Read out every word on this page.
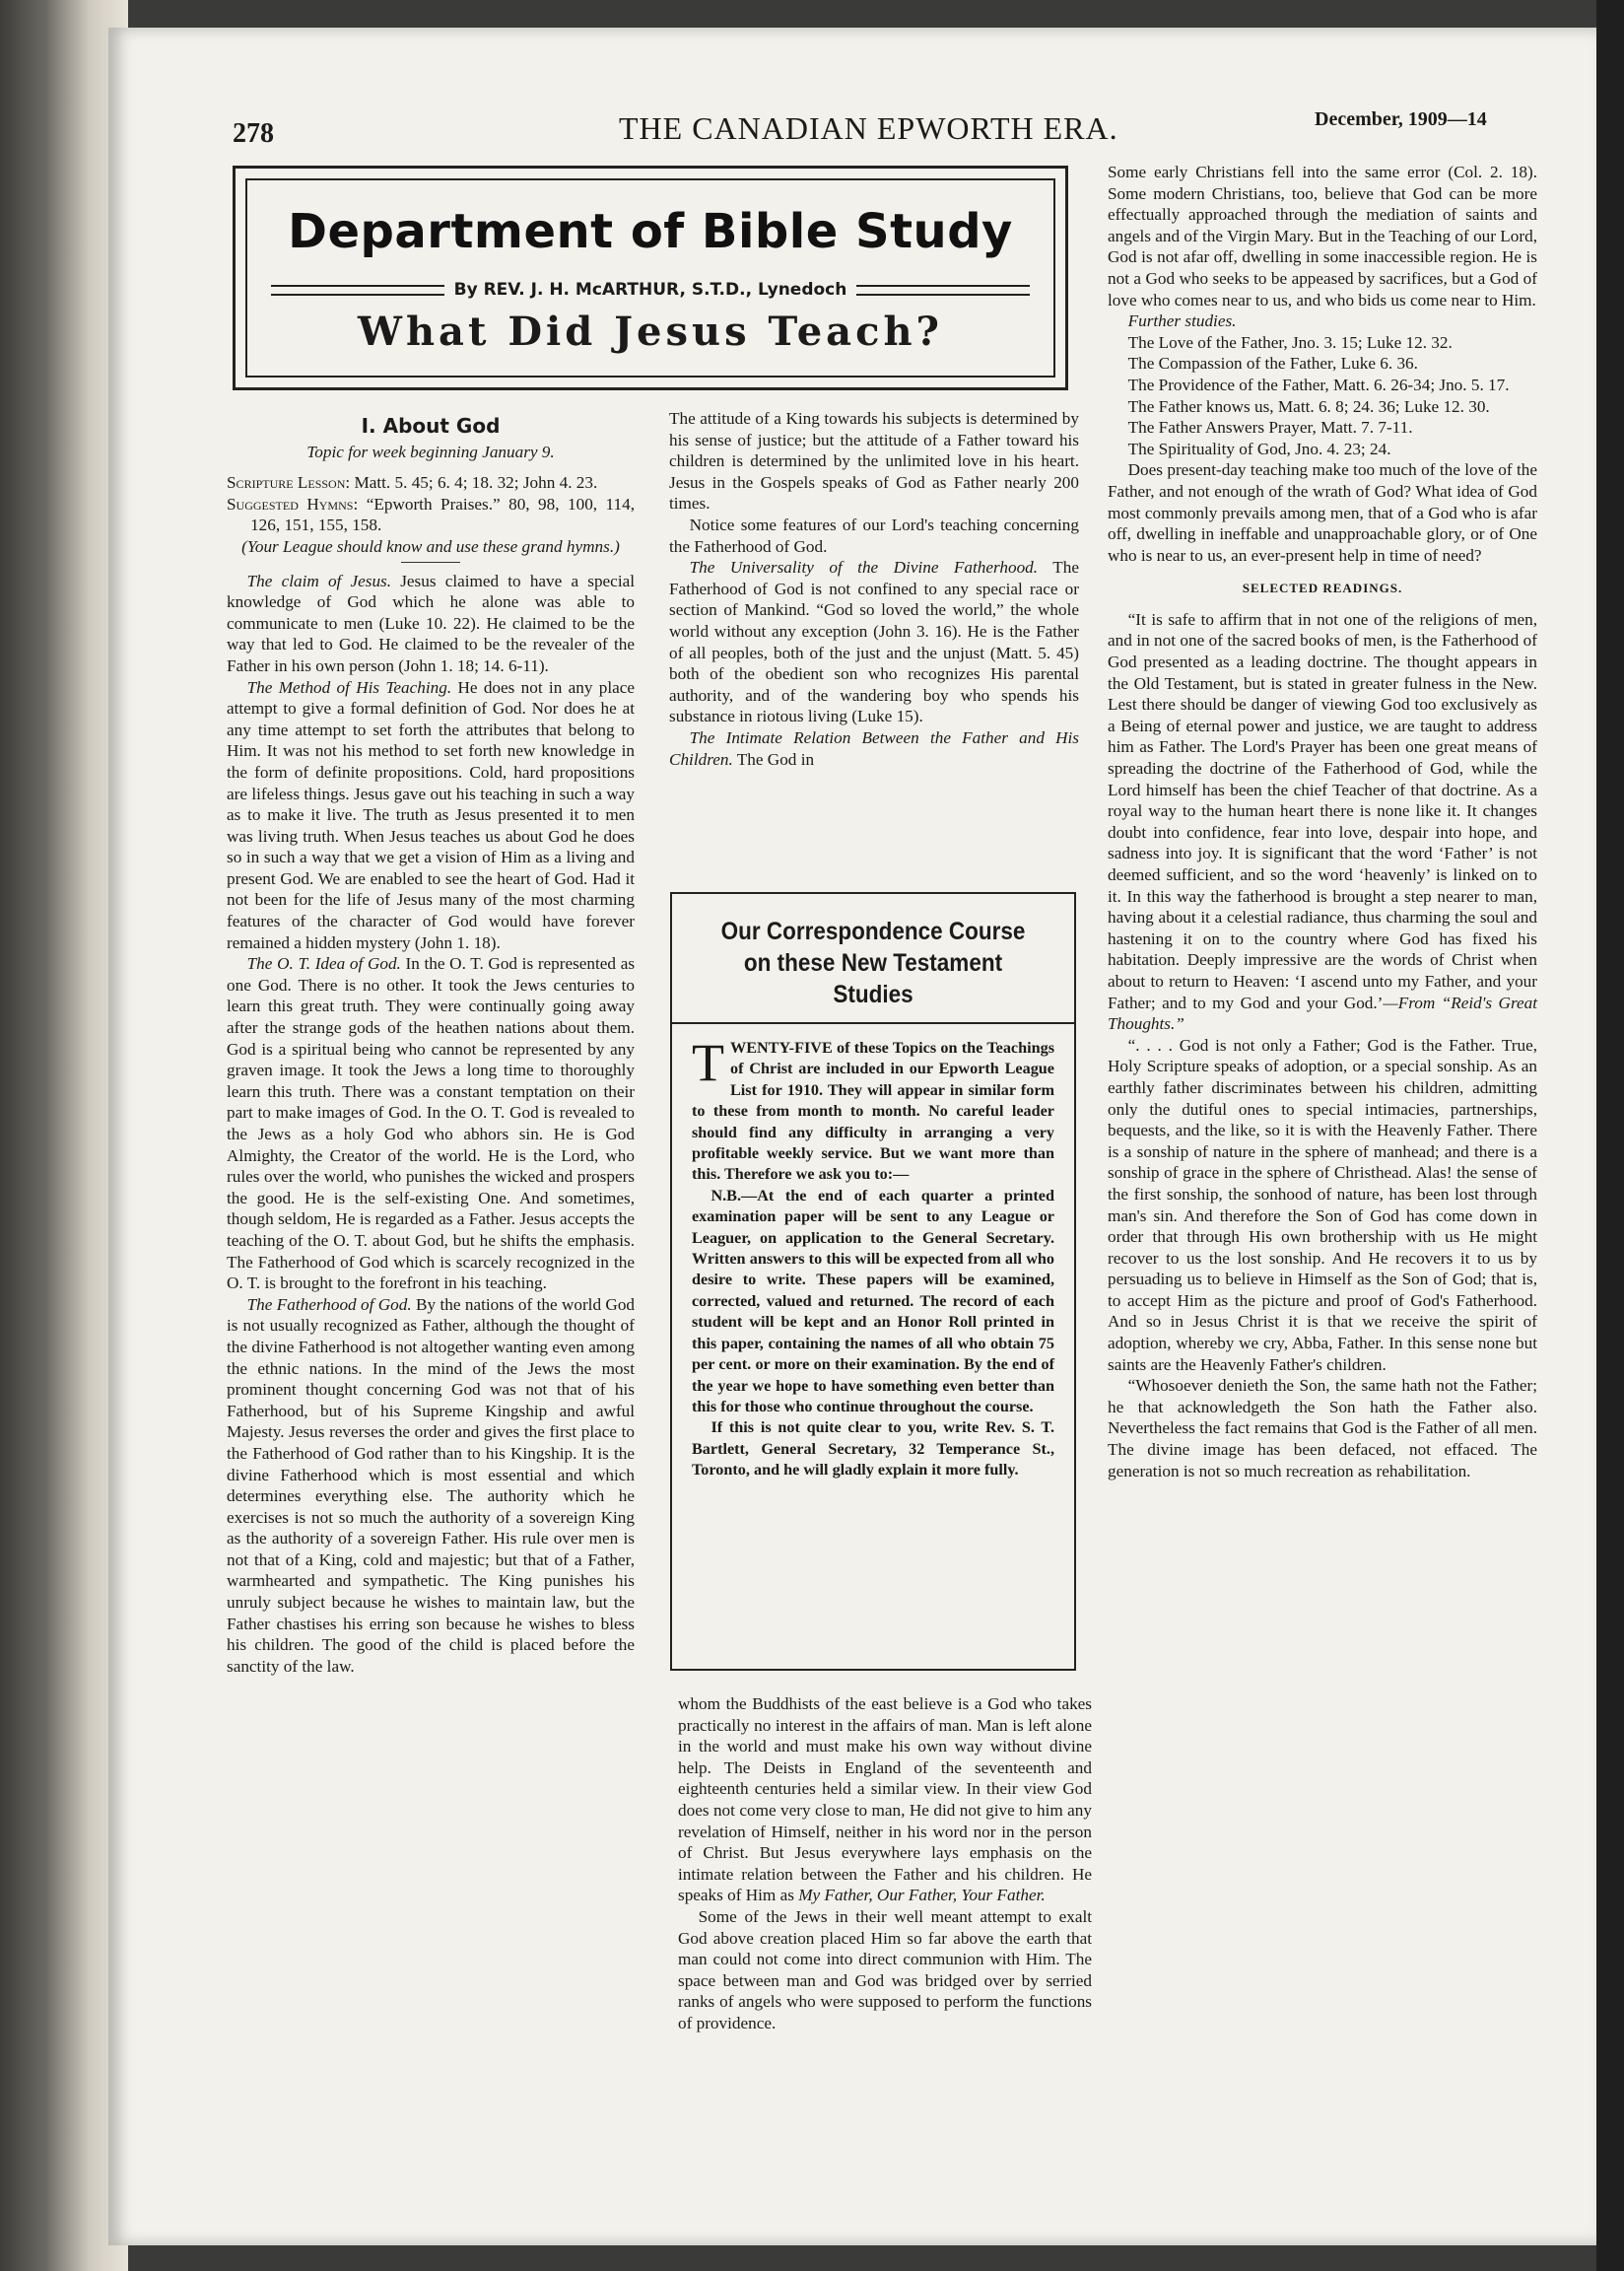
278	THE CANADIAN EPWORTH ERA.	December, 1909—14
Department of Bible Study
By REV. J. H. McARTHUR, S.T.D., Lynedoch
What Did Jesus Teach?
I. About God
Topic for week beginning January 9.

Scripture Lesson: Matt. 5. 45; 6. 4; 18. 32; John 4. 23.

Suggested Hymns: “Epworth Praises.” 80, 98, 100, 114, 126, 151, 155, 158.

(Your League should know and use these grand hymns.)

The claim of Jesus. Jesus claimed to have a special knowledge of God which he alone was able to communicate to men (Luke 10. 22). He claimed to be the way that led to God. He claimed to be the revealer of the Father in his own person (John 1. 18; 14. 6-11).

The Method of His Teaching. He does not in any place attempt to give a formal definition of God. Nor does he at any time attempt to set forth the attributes that belong to Him. It was not his method to set forth new knowledge in the form of definite propositions. Cold, hard propositions are lifeless things. Jesus gave out his teaching in such a way as to make it live. The truth as Jesus presented it to men was living truth. When Jesus teaches us about God he does so in such a way that we get a vision of Him as a living and present God. We are enabled to see the heart of God. Had it not been for the life of Jesus many of the most charming features of the character of God would have forever remained a hidden mystery (John 1. 18).

The O. T. Idea of God. In the O. T. God is represented as one God. There is no other. It took the Jews centuries to learn this great truth. They were continually going away after the strange gods of the heathen nations about them. God is a spiritual being who cannot be represented by any graven image. It took the Jews a long time to thoroughly learn this truth. There was a constant temptation on their part to make images of God. In the O. T. God is revealed to the Jews as a holy God who abhors sin. He is God Almighty, the Creator of the world. He is the Lord, who rules over the world, who punishes the wicked and prospers the good. He is the self-existing One. And sometimes, though seldom, He is regarded as a Father. Jesus accepts the teaching of the O. T. about God, but he shifts the emphasis. The Fatherhood of God which is scarcely recognized in the O. T. is brought to the forefront in his teaching.

The Fatherhood of God. By the nations of the world God is not usually recognized as Father, although the thought of the divine Fatherhood is not altogether wanting even among the ethnic nations. In the mind of the Jews the most prominent thought concerning God was not that of his Fatherhood, but of his Supreme Kingship and awful Majesty. Jesus reverses the order and gives the first place to the Fatherhood of God rather than to his Kingship. It is the divine Fatherhood which is most essential and which determines everything else. The authority which he exercises is not so much the authority of a sovereign King as the authority of a sovereign Father. His rule over men is not that of a King, cold and majestic; but that of a Father, warmhearted and sympathetic. The King punishes his unruly subject because he wishes to maintain law, but the Father chastises his erring son because he wishes to bless his children. The good of the child is placed before the sanctity of the law.

The attitude of a King towards his subjects is determined by his sense of justice; but the attitude of a Father toward his children is determined by the unlimited love in his heart. Jesus in the Gospels speaks of God as Father nearly 200 times.

Notice some features of our Lord's teaching concerning the Fatherhood of God.

The Universality of the Divine Fatherhood. The Fatherhood of God is not confined to any special race or section of Mankind. “God so loved the world,” the whole world without any exception (John 3. 16). He is the Father of all peoples, both of the just and the unjust (Matt. 5. 45) both of the obedient son who recognizes His parental authority, and of the wandering boy who spends his substance in riotous living (Luke 15).

The Intimate Relation Between the Father and His Children. The God in

Our Correspondence Course on these New Testament Studies

TWENTY-FIVE of these Topics on the Teachings of Christ are included in our Epworth League List for 1910. They will appear in similar form to these from month to month. No careful leader should find any difficulty in arranging a very profitable weekly service. But we want more than this. Therefore we ask you to:—

N.B.—At the end of each quarter a printed examination paper will be sent to any League or Leaguer, on application to the General Secretary. Written answers to this will be expected from all who desire to write. These papers will be examined, corrected, valued and returned. The record of each student will be kept and an Honor Roll printed in this paper, containing the names of all who obtain 75 per cent. or more on their examination. By the end of the year we hope to have something even better than this for those who continue throughout the course.

If this is not quite clear to you, write Rev. S. T. Bartlett, General Secretary, 32 Temperance St., Toronto, and he will gladly explain it more fully.

whom the Buddhists of the east believe is a God who takes practically no interest in the affairs of man. Man is left alone in the world and must make his own way without divine help. The Deists in England of the seventeenth and eighteenth centuries held a similar view. In their view God does not come very close to man, He did not give to him any revelation of Himself, neither in his word nor in the person of Christ. But Jesus everywhere lays emphasis on the intimate relation between the Father and his children. He speaks of Him as My Father, Our Father, Your Father.

Some of the Jews in their well meant attempt to exalt God above creation placed Him so far above the earth that man could not come into direct communion with Him. The space between man and God was bridged over by serried ranks of angels who were supposed to perform the functions of providence.

Some early Christians fell into the same error (Col. 2. 18). Some modern Christians, too, believe that God can be more effectually approached through the mediation of saints and angels and of the Virgin Mary. But in the Teaching of our Lord, God is not afar off, dwelling in some inaccessible region. He is not a God who seeks to be appeased by sacrifices, but a God of love who comes near to us, and who bids us come near to Him.

Further studies.

The Love of the Father, Jno. 3. 15; Luke 12. 32.

The Compassion of the Father, Luke 6. 36.

The Providence of the Father, Matt. 6. 26-34; Jno. 5. 17.

The Father knows us, Matt. 6. 8; 24. 36; Luke 12. 30.

The Father Answers Prayer, Matt. 7. 7-11.

The Spirituality of God, Jno. 4. 23; 24.

Does present-day teaching make too much of the love of the Father, and not enough of the wrath of God? What idea of God most commonly prevails among men, that of a God who is afar off, dwelling in ineffable and unapproachable glory, or of One who is near to us, an ever-present help in time of need?

SELECTED READINGS.

“It is safe to affirm that in not one of the religions of men, and in not one of the sacred books of men, is the Fatherhood of God presented as a leading doctrine. The thought appears in the Old Testament, but is stated in greater fulness in the New. Lest there should be danger of viewing God too exclusively as a Being of eternal power and justice, we are taught to address him as Father. The Lord's Prayer has been one great means of spreading the doctrine of the Fatherhood of God, while the Lord himself has been the chief Teacher of that doctrine. As a royal way to the human heart there is none like it. It changes doubt into confidence, fear into love, despair into hope, and sadness into joy. It is significant that the word ‘Father’ is not deemed sufficient, and so the word ‘heavenly’ is linked on to it. In this way the fatherhood is brought a step nearer to man, having about it a celestial radiance, thus charming the soul and hastening it on to the country where God has fixed his habitation. Deeply impressive are the words of Christ when about to return to Heaven: ‘I ascend unto my Father, and your Father; and to my God and your God.’—From “Reid's Great Thoughts.”

“. . . . God is not only a Father; God is the Father. True, Holy Scripture speaks of adoption, or a special sonship. As an earthly father discriminates between his children, admitting only the dutiful ones to special intimacies, partnerships, bequests, and the like, so it is with the Heavenly Father. There is a sonship of nature in the sphere of manhead; and there is a sonship of grace in the sphere of Christhead. Alas! the sense of the first sonship, the sonhood of nature, has been lost through man's sin. And therefore the Son of God has come down in order that through His own brothership with us He might recover to us the lost sonship. And He recovers it to us by persuading us to believe in Himself as the Son of God; that is, to accept Him as the picture and proof of God's Fatherhood. And so in Jesus Christ it is that we receive the spirit of adoption, whereby we cry, Abba, Father. In this sense none but saints are the Heavenly Father's children.

“Whosoever denieth the Son, the same hath not the Father; he that acknowledgeth the Son hath the Father also. Nevertheless the fact remains that God is the Father of all men. The divine image has been defaced, not effaced. The generation is not so much recreation as rehabilitation.
